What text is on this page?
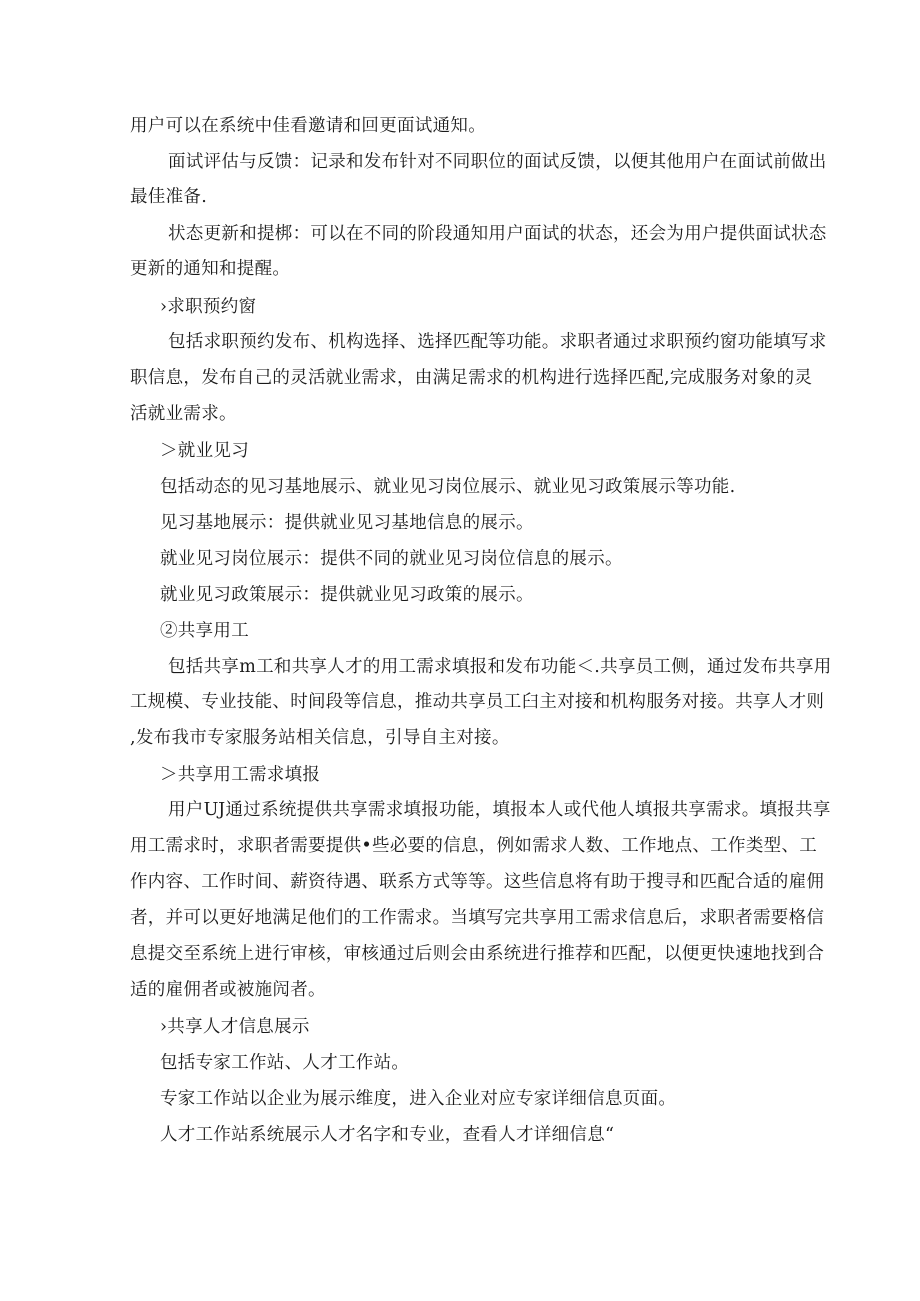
用户可以在系统中佳看邀请和回更面试通知。
面试评估与反馈：记录和发布针对不同职位的面试反馈，以便其他用户在面试前做出
最佳准备.
状态更新和提梆：可以在不同的阶段通知用户面试的状态，还会为用户提供面试状态
更新的通知和提醒。
›求职预约窗
包括求职预约发布、机构选择、选择匹配等功能。求职者通过求职预约窗功能填写求
职信息，发布自己的灵活就业需求，由满足需求的机构进行选择匹配,完成服务对象的灵
活就业需求。
＞就业见习
包括动态的见习基地展示、就业见习岗位展示、就业见习政策展示等功能.
见习基地展示：提供就业见习基地信息的展示。
就业见习岗位展示：提供不同的就业见习岗位信息的展示。
就业见习政策展示：提供就业见习政策的展示。
②共享用工
包括共享m工和共享人才的用工需求填报和发布功能＜.共享员工侧，通过发布共享用
工规模、专业技能、时间段等信息，推动共享员工臼主对接和机构服务对接。共享人才则
,发布我市专家服务站相关信息，引导自主对接。
＞共享用工需求填报
用户UJ通过系统提供共享需求填报功能，填报本人或代他人填报共享需求。填报共享
用工需求时，求职者需要提供•些必要的信息，例如需求人数、工作地点、工作类型、工
作内容、工作时间、薪资待遇、联系方式等等。这些信息将有助于搜寻和匹配合适的雇佣
者，并可以更好地满足他们的工作需求。当填写完共享用工需求信息后，求职者需要格信
息提交至系统上进行审核，审核通过后则会由系统进行推荐和匹配，以便更快速地找到合
适的雇佣者或被施闶者。
›共享人才信息展示
包括专家工作站、人才工作站。
专家工作站以企业为展示维度，进入企业对应专家详细信息页面。
人才工作站系统展示人才名字和专业，查看人才详细信息“
